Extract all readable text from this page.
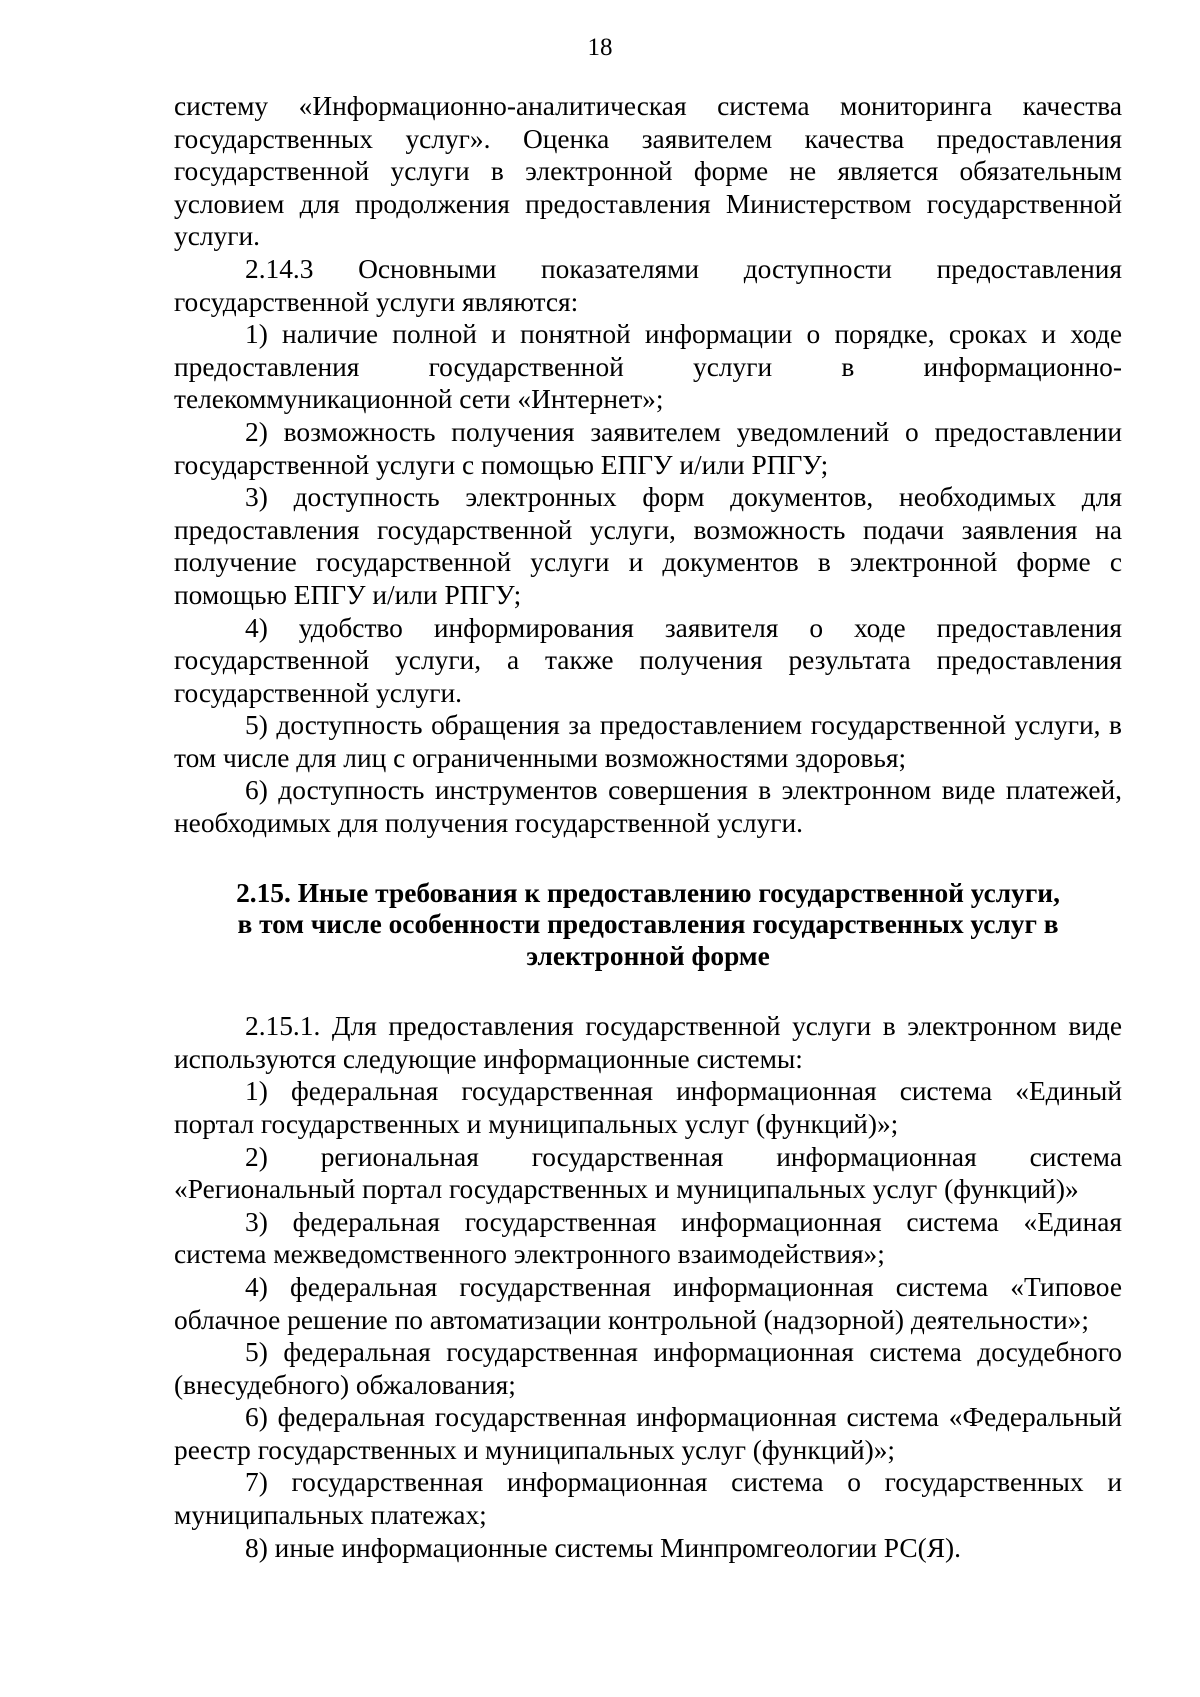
18

систему «Информационно-аналитическая система мониторинга качества государственных услуг». Оценка заявителем качества предоставления государственной услуги в электронной форме не является обязательным условием для продолжения предоставления Министерством государственной услуги.

2.14.3 Основными показателями доступности предоставления государственной услуги являются:

1) наличие полной и понятной информации о порядке, сроках и ходе предоставления государственной услуги в информационно-телекоммуникационной сети «Интернет»;

2) возможность получения заявителем уведомлений о предоставлении государственной услуги с помощью ЕПГУ и/или РПГУ;

3) доступность электронных форм документов, необходимых для предоставления государственной услуги, возможность подачи заявления на получение государственной услуги и документов в электронной форме с помощью ЕПГУ и/или РПГУ;

4) удобство информирования заявителя о ходе предоставления государственной услуги, а также получения результата предоставления государственной услуги.

5) доступность обращения за предоставлением государственной услуги, в том числе для лиц с ограниченными возможностями здоровья;

6) доступность инструментов совершения в электронном виде платежей, необходимых для получения государственной услуги.

2.15. Иные требования к предоставлению государственной услуги,
в том числе особенности предоставления государственных услуг в
электронной форме

2.15.1. Для предоставления государственной услуги в электронном виде используются следующие информационные системы:

1) федеральная государственная информационная система «Единый портал государственных и муниципальных услуг (функций)»;

2) региональная государственная информационная система «Региональный портал государственных и муниципальных услуг (функций)»

3) федеральная государственная информационная система «Единая система межведомственного электронного взаимодействия»;

4) федеральная государственная информационная система «Типовое облачное решение по автоматизации контрольной (надзорной) деятельности»;

5) федеральная государственная информационная система досудебного (внесудебного) обжалования;

6) федеральная государственная информационная система «Федеральный реестр государственных и муниципальных услуг (функций)»;

7) государственная информационная система о государственных и муниципальных платежах;

8) иные информационные системы Минпромгеологии РС(Я).
